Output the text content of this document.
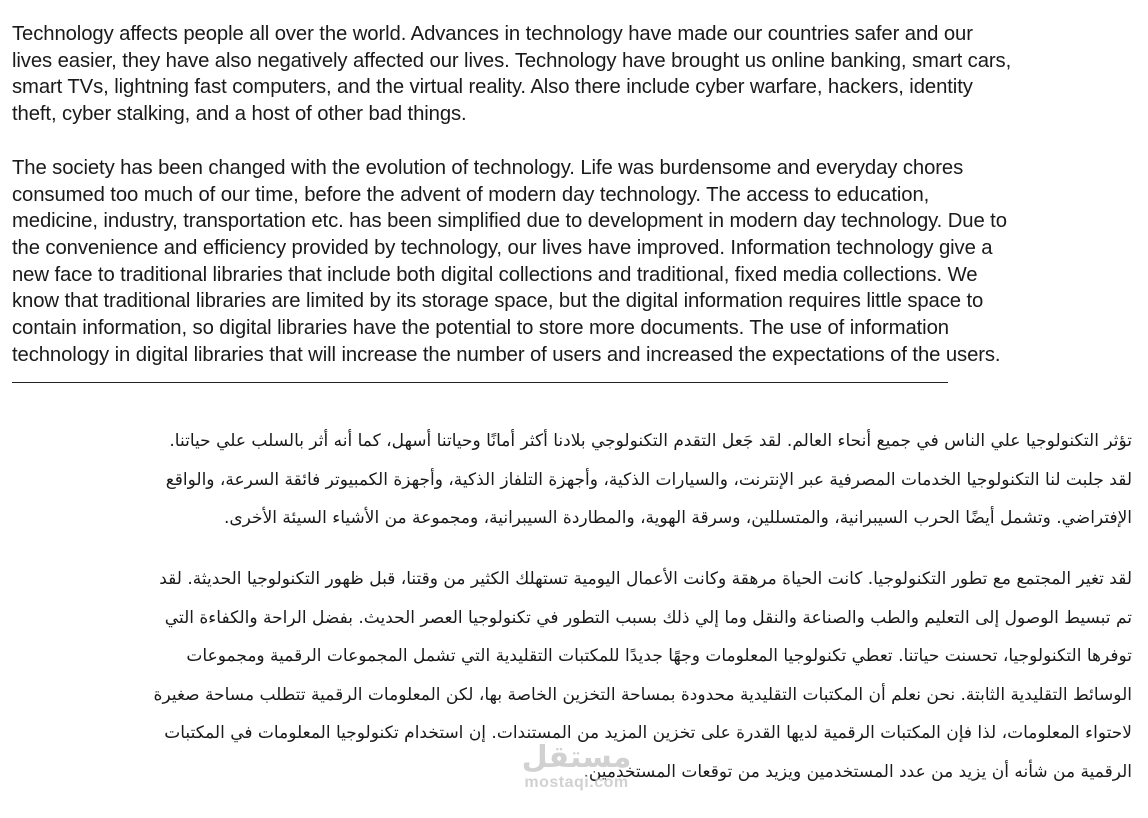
Technology affects people all over the world. Advances in technology have made our countries safer and our
lives easier, they have also negatively affected our lives. Technology have brought us online banking, smart cars,
smart TVs, lightning fast computers, and the virtual reality. Also there include cyber warfare, hackers, identity
theft, cyber stalking, and a host of other bad things.

The society has been changed with the evolution of technology. Life was burdensome and everyday chores
consumed too much of our time, before the advent of modern day technology. The access to education,
medicine, industry, transportation etc. has been simplified due to development in modern day technology. Due to
the convenience and efficiency provided by technology, our lives have improved. Information technology give a
new face to traditional libraries that include both digital collections and traditional, fixed media collections. We
know that traditional libraries are limited by its storage space, but the digital information requires little space to
contain information, so digital libraries have the potential to store more documents. The use of information
technology in digital libraries that will increase the number of users and increased the expectations of the users.

تؤثر التكنولوجيا علي الناس في جميع أنحاء العالم. لقد جَعل التقدم التكنولوجي بلادنا أكثر أمانًا وحياتنا أسهل، كما أنه أثر بالسلب علي حياتنا.
لقد جلبت لنا التكنولوجيا الخدمات المصرفية عبر الإنترنت، والسيارات الذكية، وأجهزة التلفاز الذكية، وأجهزة الكمبيوتر فائقة السرعة، والواقع
الإفتراضي. وتشمل أيضًا الحرب السيبرانية، والمتسللين، وسرقة الهوية، والمطاردة السيبرانية، ومجموعة من الأشياء السيئة الأخرى.

لقد تغير المجتمع مع تطور التكنولوجيا. كانت الحياة مرهقة وكانت الأعمال اليومية تستهلك الكثير من وقتنا، قبل ظهور التكنولوجيا الحديثة. لقد
تم تبسيط الوصول إلى التعليم والطب والصناعة والنقل وما إلي ذلك بسبب التطور في تكنولوجيا العصر الحديث. بفضل الراحة والكفاءة التي
توفرها التكنولوجيا، تحسنت حياتنا. تعطي تكنولوجيا المعلومات وجهًا جديدًا للمكتبات التقليدية التي تشمل المجموعات الرقمية ومجموعات
الوسائط التقليدية الثابتة. نحن نعلم أن المكتبات التقليدية محدودة بمساحة التخزين الخاصة بها، لكن المعلومات الرقمية تتطلب مساحة صغيرة
لاحتواء المعلومات، لذا فإن المكتبات الرقمية لديها القدرة على تخزين المزيد من المستندات. إن استخدام تكنولوجيا المعلومات في المكتبات
الرقمية من شأنه أن يزيد من عدد المستخدمين ويزيد من توقعات المستخدمين.

مستقل
mostaqi.com
